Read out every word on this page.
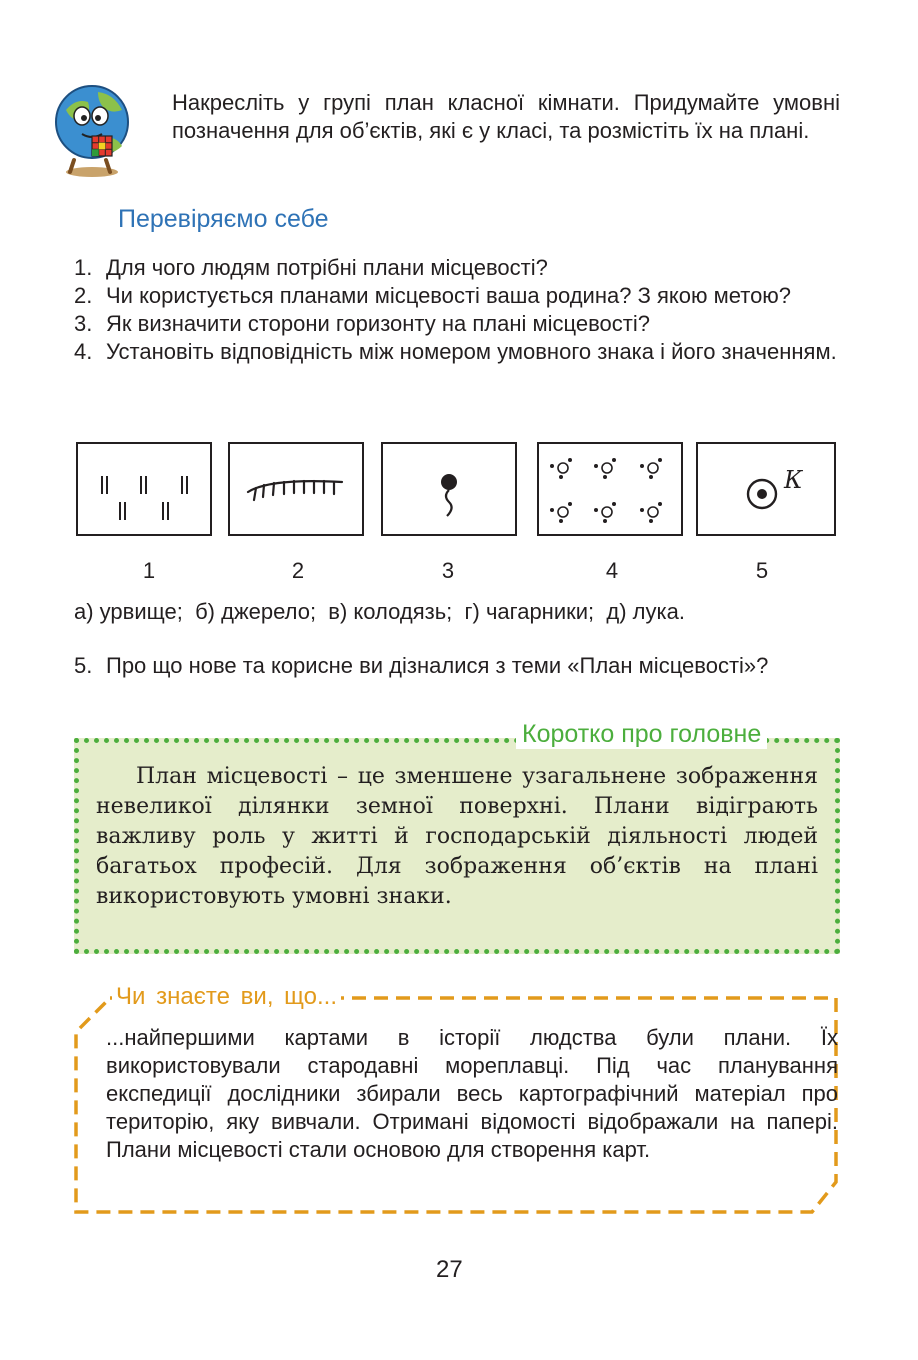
Накресліть у групі план класної кімнати. Придумайте умовні позначення для об’єктів, які є у класі, та розмістіть їх на плані.
Перевіряємо себе
1. Для чого людям потрібні плани місцевості?
2. Чи користується планами місцевості ваша родина? З якою метою?
3. Як визначити сторони горизонту на плані місцевості?
4. Установіть відповідність між номером умовного знака і його значенням.
К
1	2	3	4	5
а) урвище;  б) джерело;  в) колодязь;  г) чагарники;  д) лука.
5. Про що нове та корисне ви дізналися з теми «План місцевості»?
Коротко про головне
План місцевості – це зменшене узагальнене зображення невеликої ділянки земної поверхні. Плани відіграють важливу роль у житті й господарській діяльності людей багатьох професій. Для зображення об’єктів на плані використовують умовні знаки.
Чи знаєте ви, що...
...найпершими картами в історії людства були плани. Їх використовували стародавні мореплавці. Під час планування експедиції дослідники збирали весь картографічний матеріал про територію, яку вивчали. Отримані відомості відображали на папері. Плани місцевості стали основою для створення карт.
27
